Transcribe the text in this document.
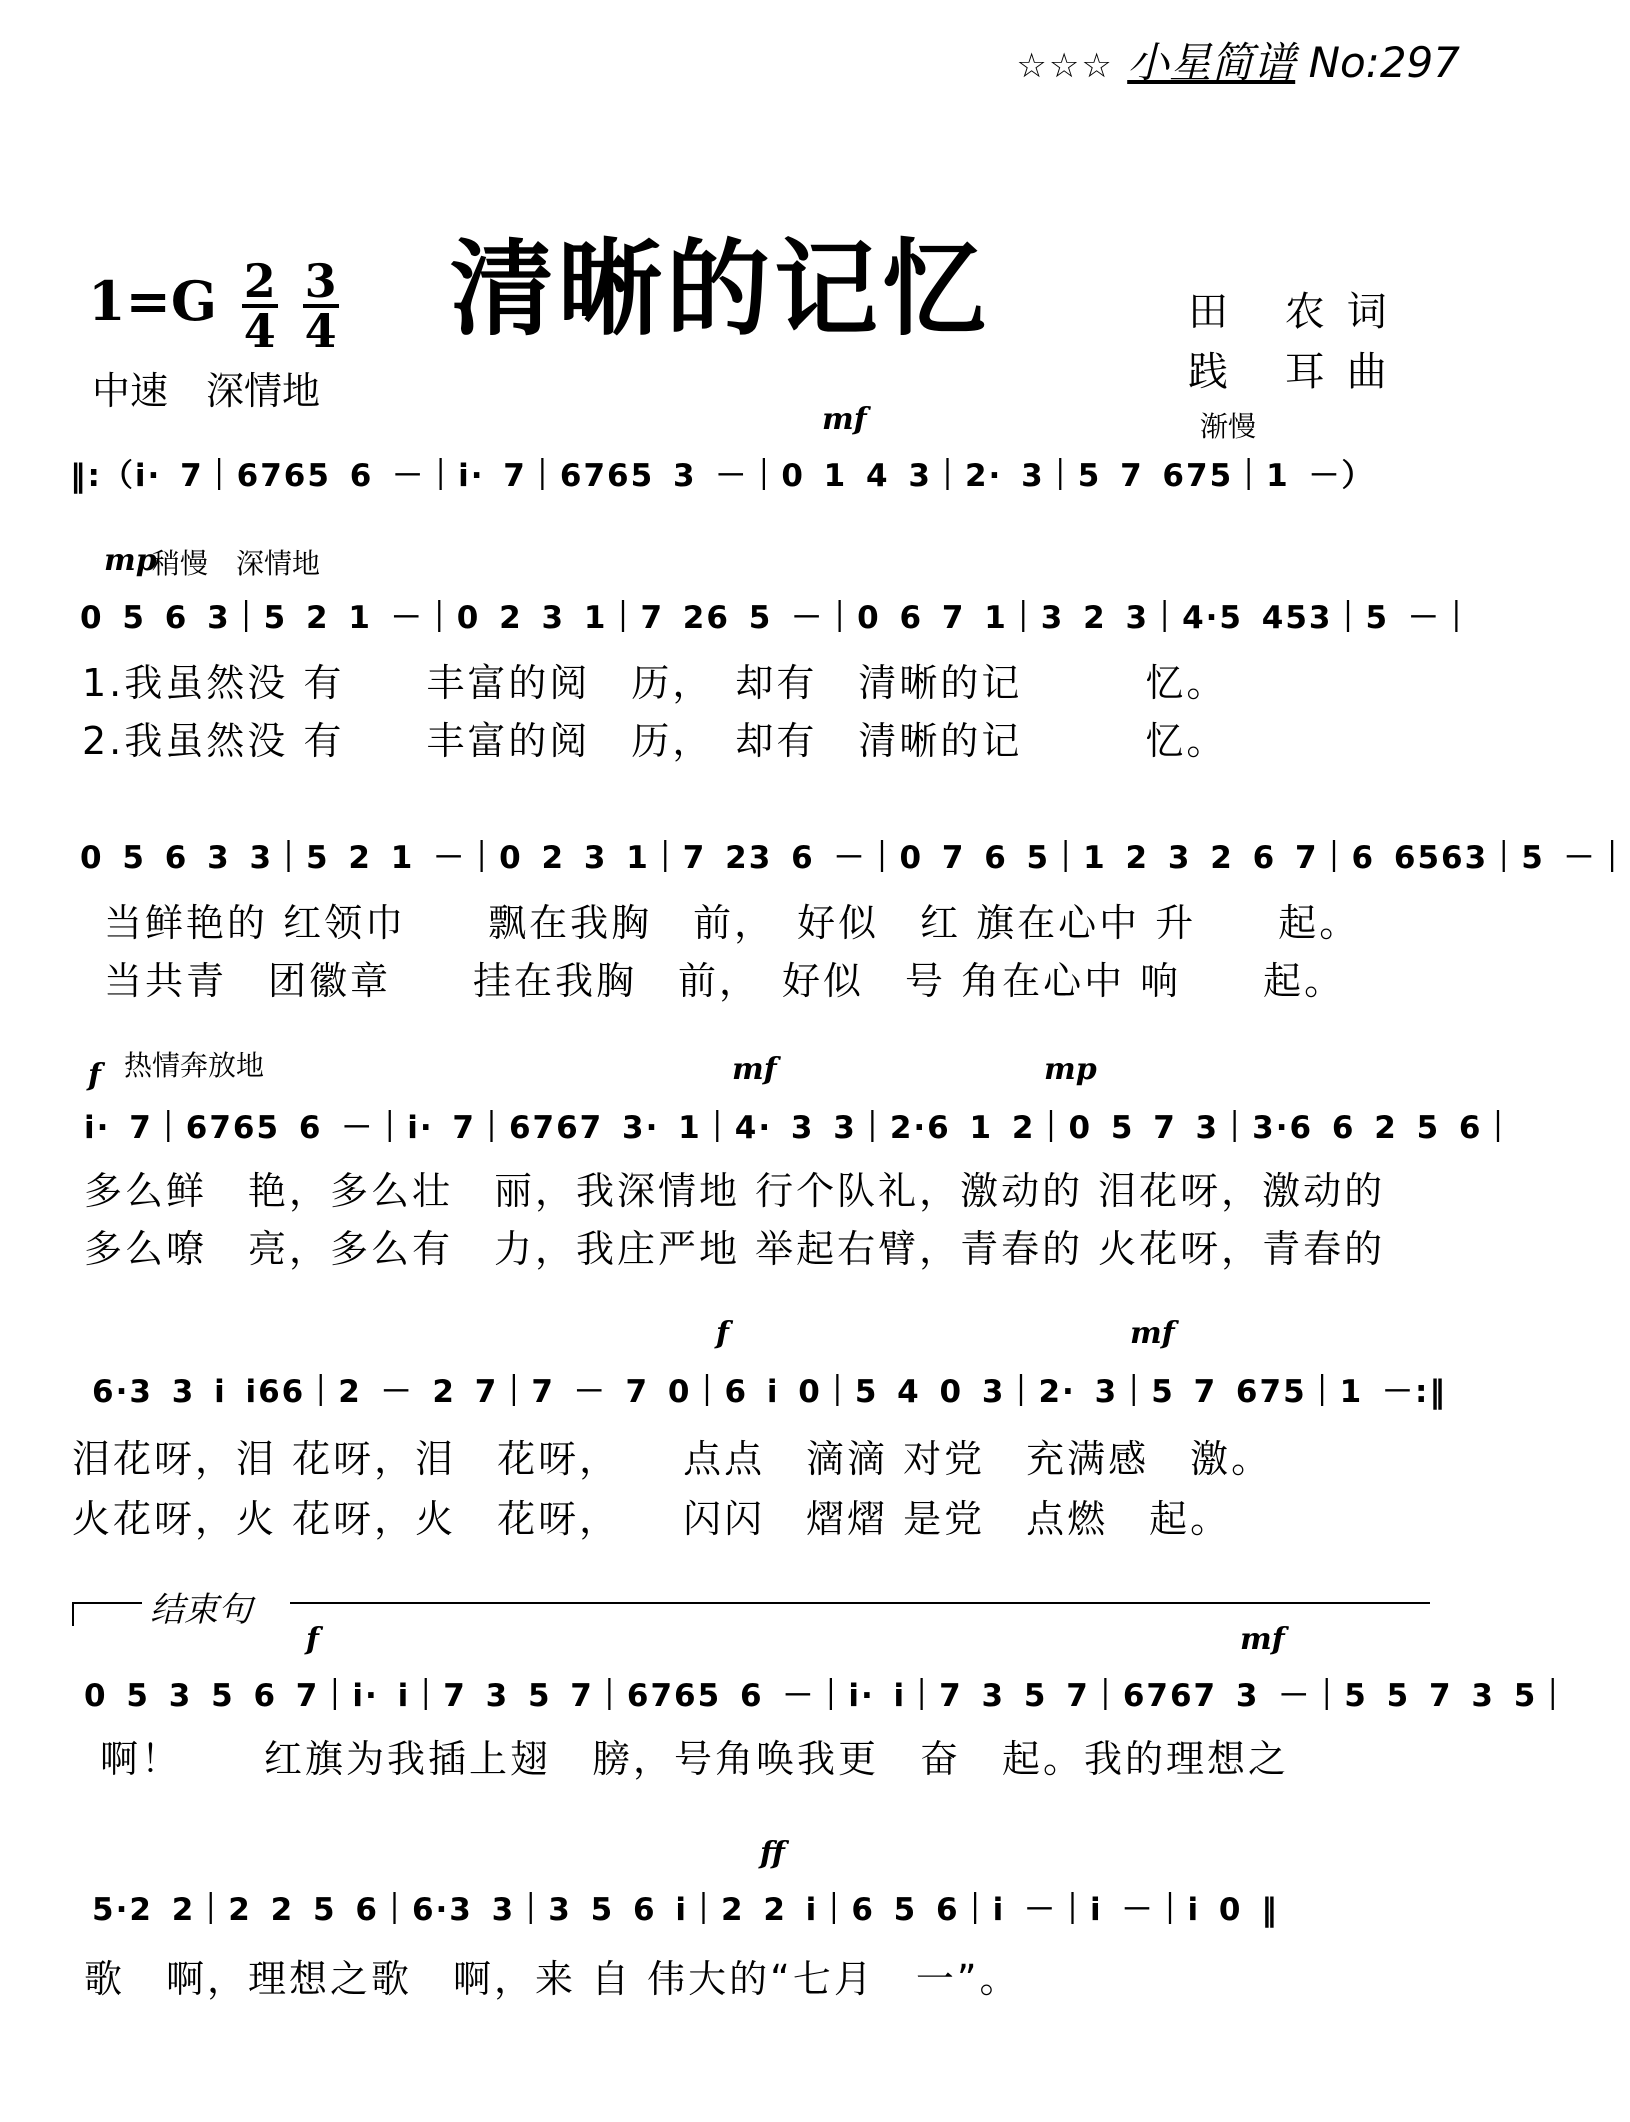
☆☆☆ 小星简谱 No:297
$1=G \frac{2}{4}$
$\frac{3}{4}$ 清晰的记忆	田 农词
践 耳曲
中速　深情地
mf	渐慢
‖:（i· 7｜6765 6 －｜i· 7｜6765 3 －｜0 1 4 3｜2· 3｜5 7 675｜1 －）
mp
稍慢　深情地
0 5 6 3｜5 2 1 －｜0 2 3 1｜7 26 5 －｜0 6 7 1｜3 2 3｜4·5 453｜5 －｜
1.我虽然没 有　　丰富的阅　历，　却有　清晰的记　　　忆。
2.我虽然没 有　　丰富的阅　历，　却有　清晰的记　　　忆。
0 5 6 3 3｜5 2 1 －｜0 2 3 1｜7 23 6 －｜0 7 6 5｜1 2 3 2 6 7｜6 6563｜5 －｜
当鲜艳的 红领巾　　飘在我胸　前，　好似　红 旗在心中 升　　起。
当共青　团徽章　　挂在我胸　前，　好似　号 角在心中 响　　起。
f 热情奔放地	mf	mp
i· 7｜6765 6 －｜i· 7｜6767 3· 1｜4· 3 3｜2·6 1 2｜0 5 7 3｜3·6 6 2 5 6｜
多么鲜　艳，多么壮　丽，我深情地 行个队礼，激动的 泪花呀，激动的
多么嘹　亮，多么有　力，我庄严地 举起右臂，青春的 火花呀，青春的
f	mf
6·3 3 i i66｜2 － 2 7｜7 － 7 0｜6 i 0｜5 4 0 3｜2· 3｜5 7 675｜1 －:‖
泪花呀，泪 花呀，泪　花呀，　　点点　滴滴 对党　充满感　激。
火花呀，火 花呀，火　花呀，　　闪闪　熠熠 是党　点燃　起。
结束句
f	mf
0 5 3 5 6 7｜i· i｜7 3 5 7｜6765 6 －｜i· i｜7 3 5 7｜6767 3 －｜5 5 7 3 5｜
啊！　　红旗为我插上翅　膀，号角唤我更　奋　起。我的理想之
ff
5·2 2｜2 2 5 6｜6·3 3｜3 5 6 i｜2 2 i｜6 5 6｜i －｜i －｜i 0 ‖
歌　啊，理想之歌　啊，来 自 伟大的“七月　一”。
